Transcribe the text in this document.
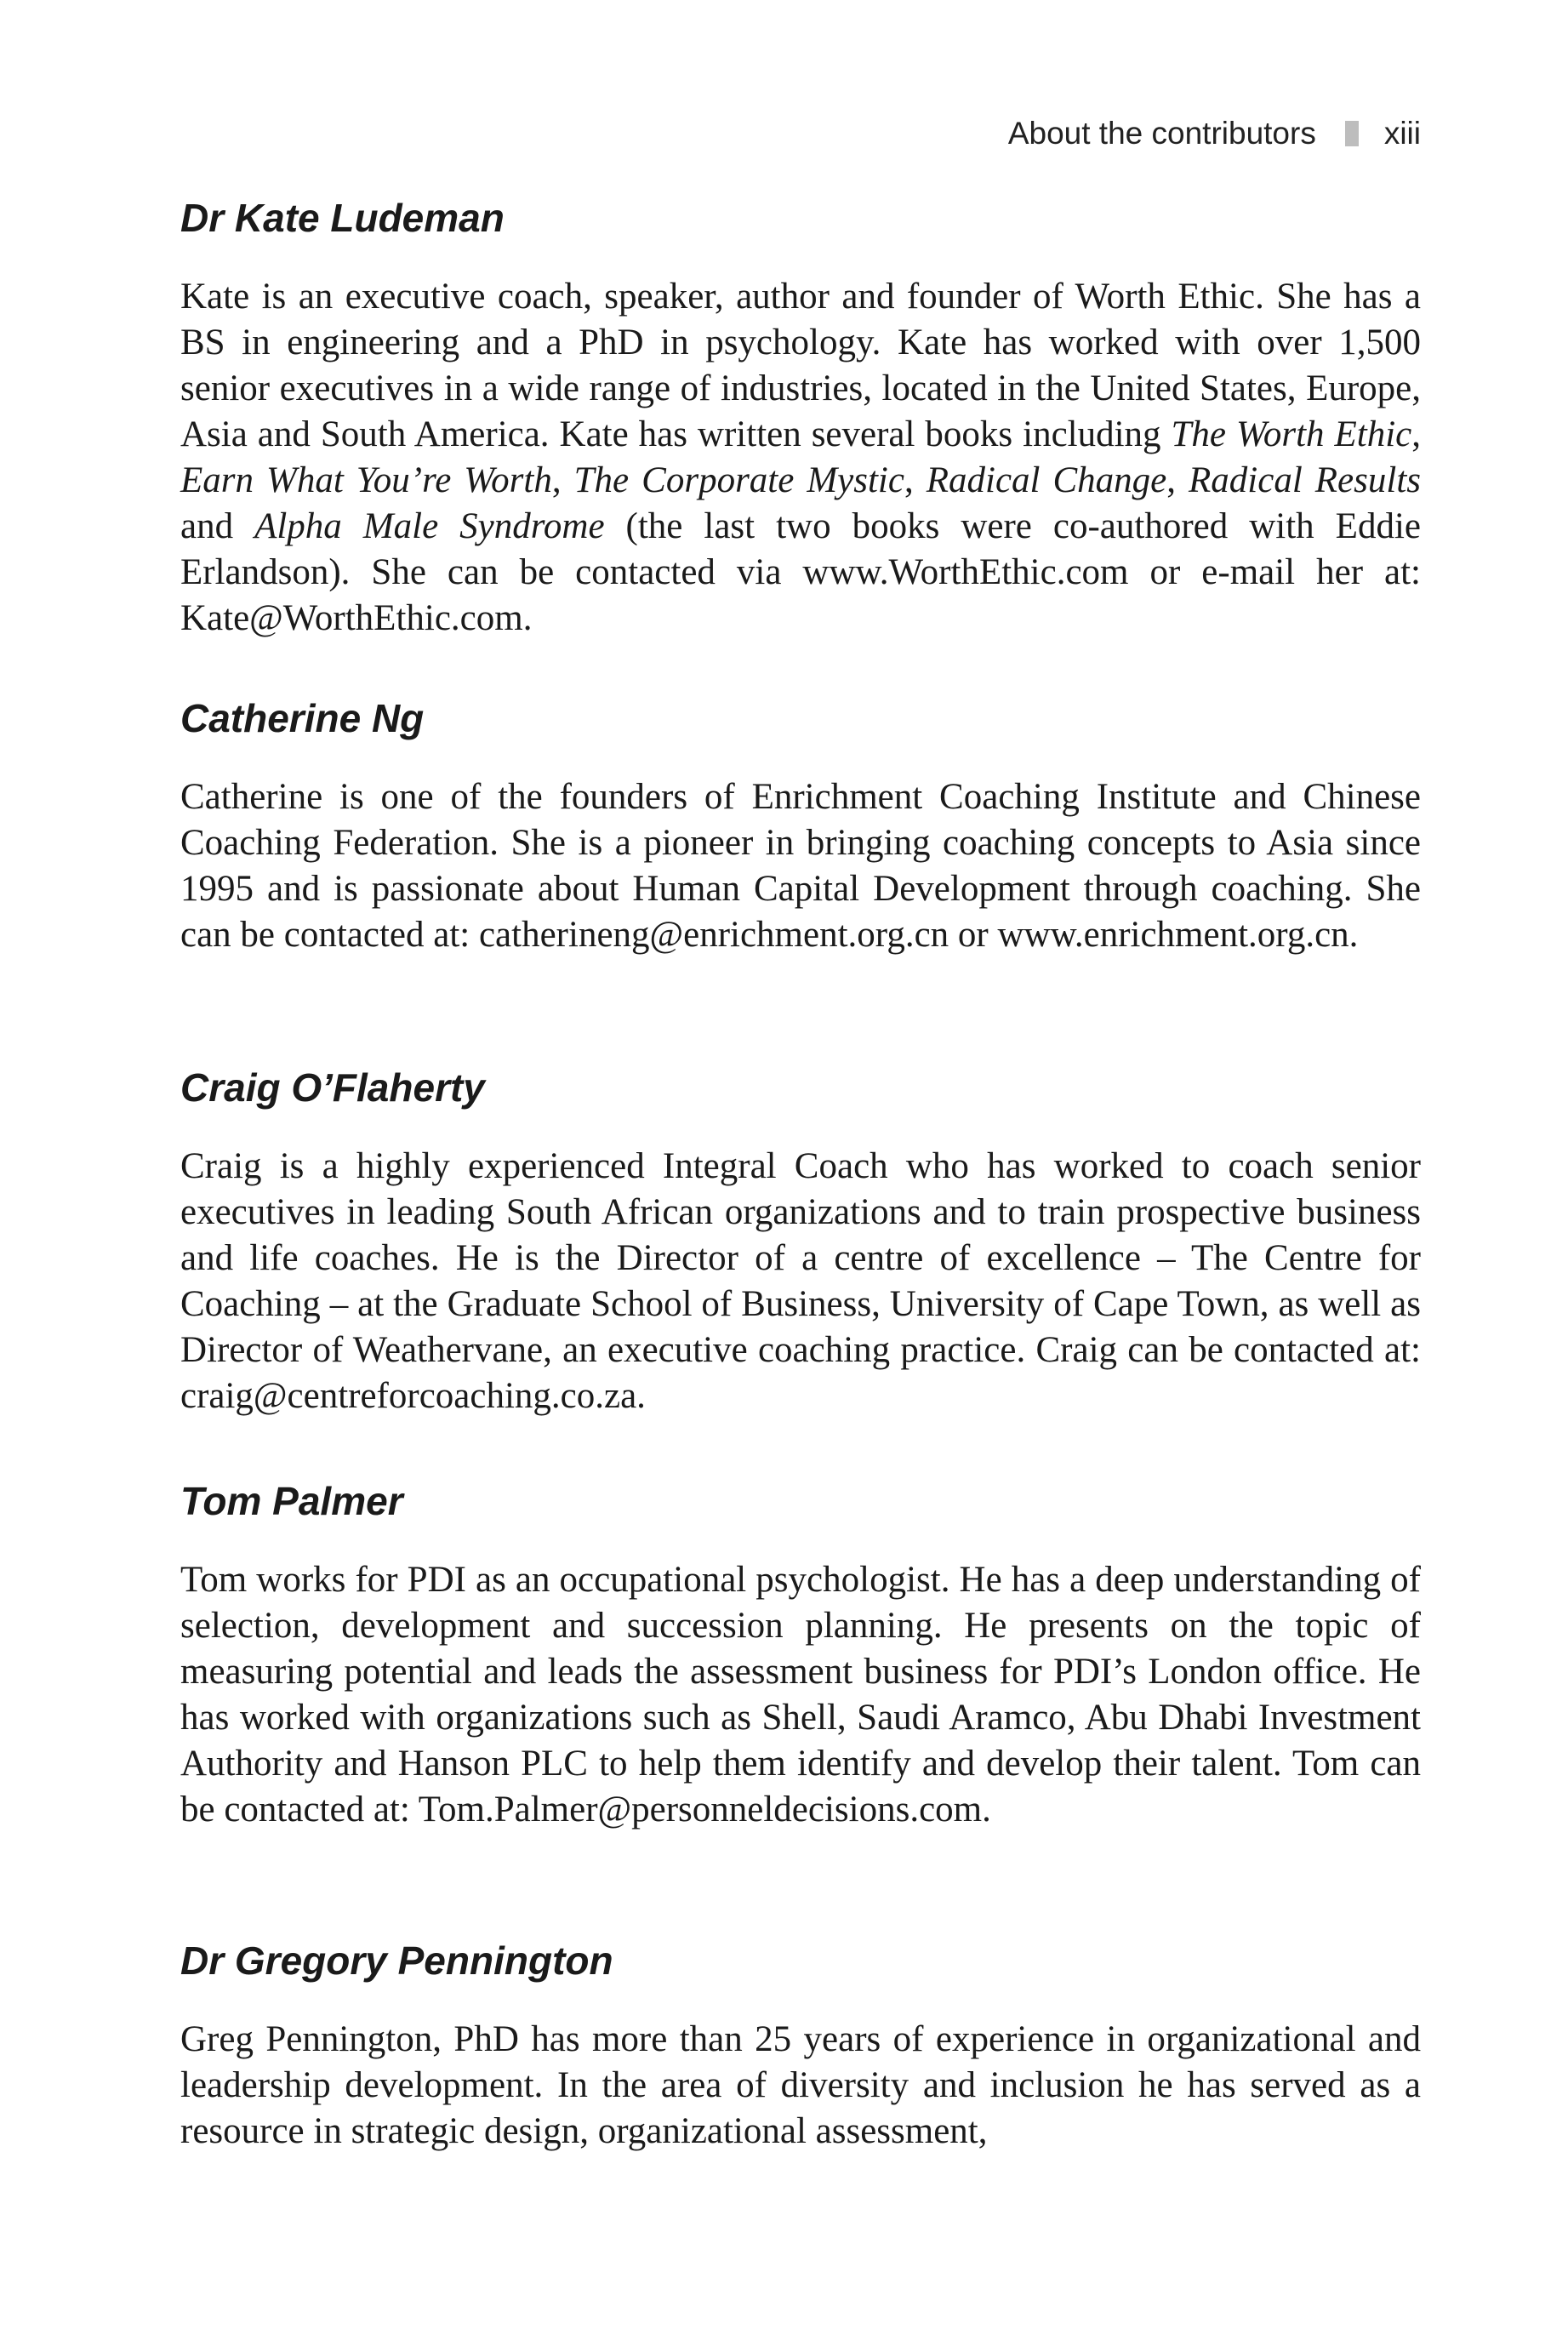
About the contributors xiii
Dr Kate Ludeman

Kate is an executive coach, speaker, author and founder of Worth Ethic. She has a BS in engineering and a PhD in psychology. Kate has worked with over 1,500 senior executives in a wide range of industries, located in the United States, Europe, Asia and South America. Kate has written several books including The Worth Ethic, Earn What You’re Worth, The Corporate Mystic, Radical Change, Radical Results and Alpha Male Syndrome (the last two books were co-authored with Eddie Erlandson). She can be contacted via www.WorthEthic.com or e-mail her at: Kate@WorthEthic.com.

Catherine Ng

Catherine is one of the founders of Enrichment Coaching Institute and Chinese Coaching Federation. She is a pioneer in bringing coaching concepts to Asia since 1995 and is passionate about Human Capital Development through coaching. She can be contacted at: catherineng@enrichment.org.cn or www.enrichment.org.cn.

Craig O’Flaherty

Craig is a highly experienced Integral Coach who has worked to coach senior executives in leading South African organizations and to train prospective business and life coaches. He is the Director of a centre of excellence – The Centre for Coaching – at the Graduate School of Business, University of Cape Town, as well as Director of Weathervane, an executive coaching practice. Craig can be contacted at: craig@centreforcoaching.co.za.

Tom Palmer

Tom works for PDI as an occupational psychologist. He has a deep understanding of selection, development and succession planning. He presents on the topic of measuring potential and leads the assessment business for PDI’s London office. He has worked with organizations such as Shell, Saudi Aramco, Abu Dhabi Investment Authority and Hanson PLC to help them identify and develop their talent. Tom can be contacted at: Tom.Palmer@personneldecisions.com.

Dr Gregory Pennington

Greg Pennington, PhD has more than 25 years of experience in organizational and leadership development. In the area of diversity and inclusion he has served as a resource in strategic design, organizational assessment,
